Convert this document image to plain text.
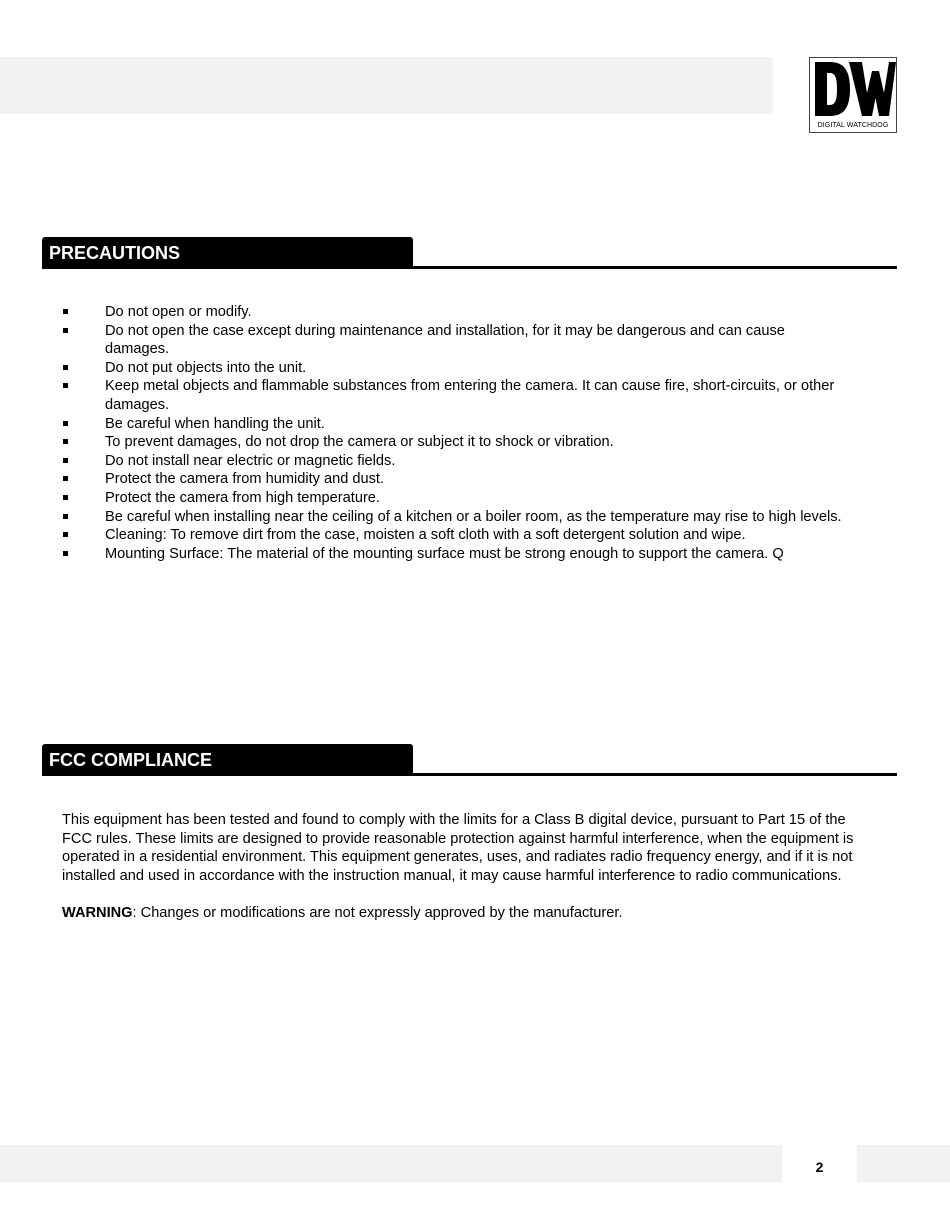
DIGITAL WATCHDOG
PRECAUTIONS
Do not open or modify.
Do not open the case except during maintenance and installation, for it may be dangerous and can cause damages.
Do not put objects into the unit.
Keep metal objects and flammable substances from entering the camera. It can cause fire, short-circuits, or other damages.
Be careful when handling the unit.
To prevent damages, do not drop the camera or subject it to shock or vibration.
Do not install near electric or magnetic fields.
Protect the camera from humidity and dust.
Protect the camera from high temperature.
Be careful when installing near the ceiling of a kitchen or a boiler room, as the temperature may rise to high levels.
Cleaning: To remove dirt from the case, moisten a soft cloth with a soft detergent solution and wipe.
Mounting Surface: The material of the mounting surface must be strong enough to support the camera. Q
FCC COMPLIANCE

This equipment has been tested and found to comply with the limits for a Class B digital device, pursuant to Part 15 of the FCC rules. These limits are designed to provide reasonable protection against harmful interference, when the equipment is operated in a residential environment. This equipment generates, uses, and radiates radio frequency energy, and if it is not installed and used in accordance with the instruction manual, it may cause harmful interference to radio communications.

WARNING: Changes or modifications are not expressly approved by the manufacturer.

2
